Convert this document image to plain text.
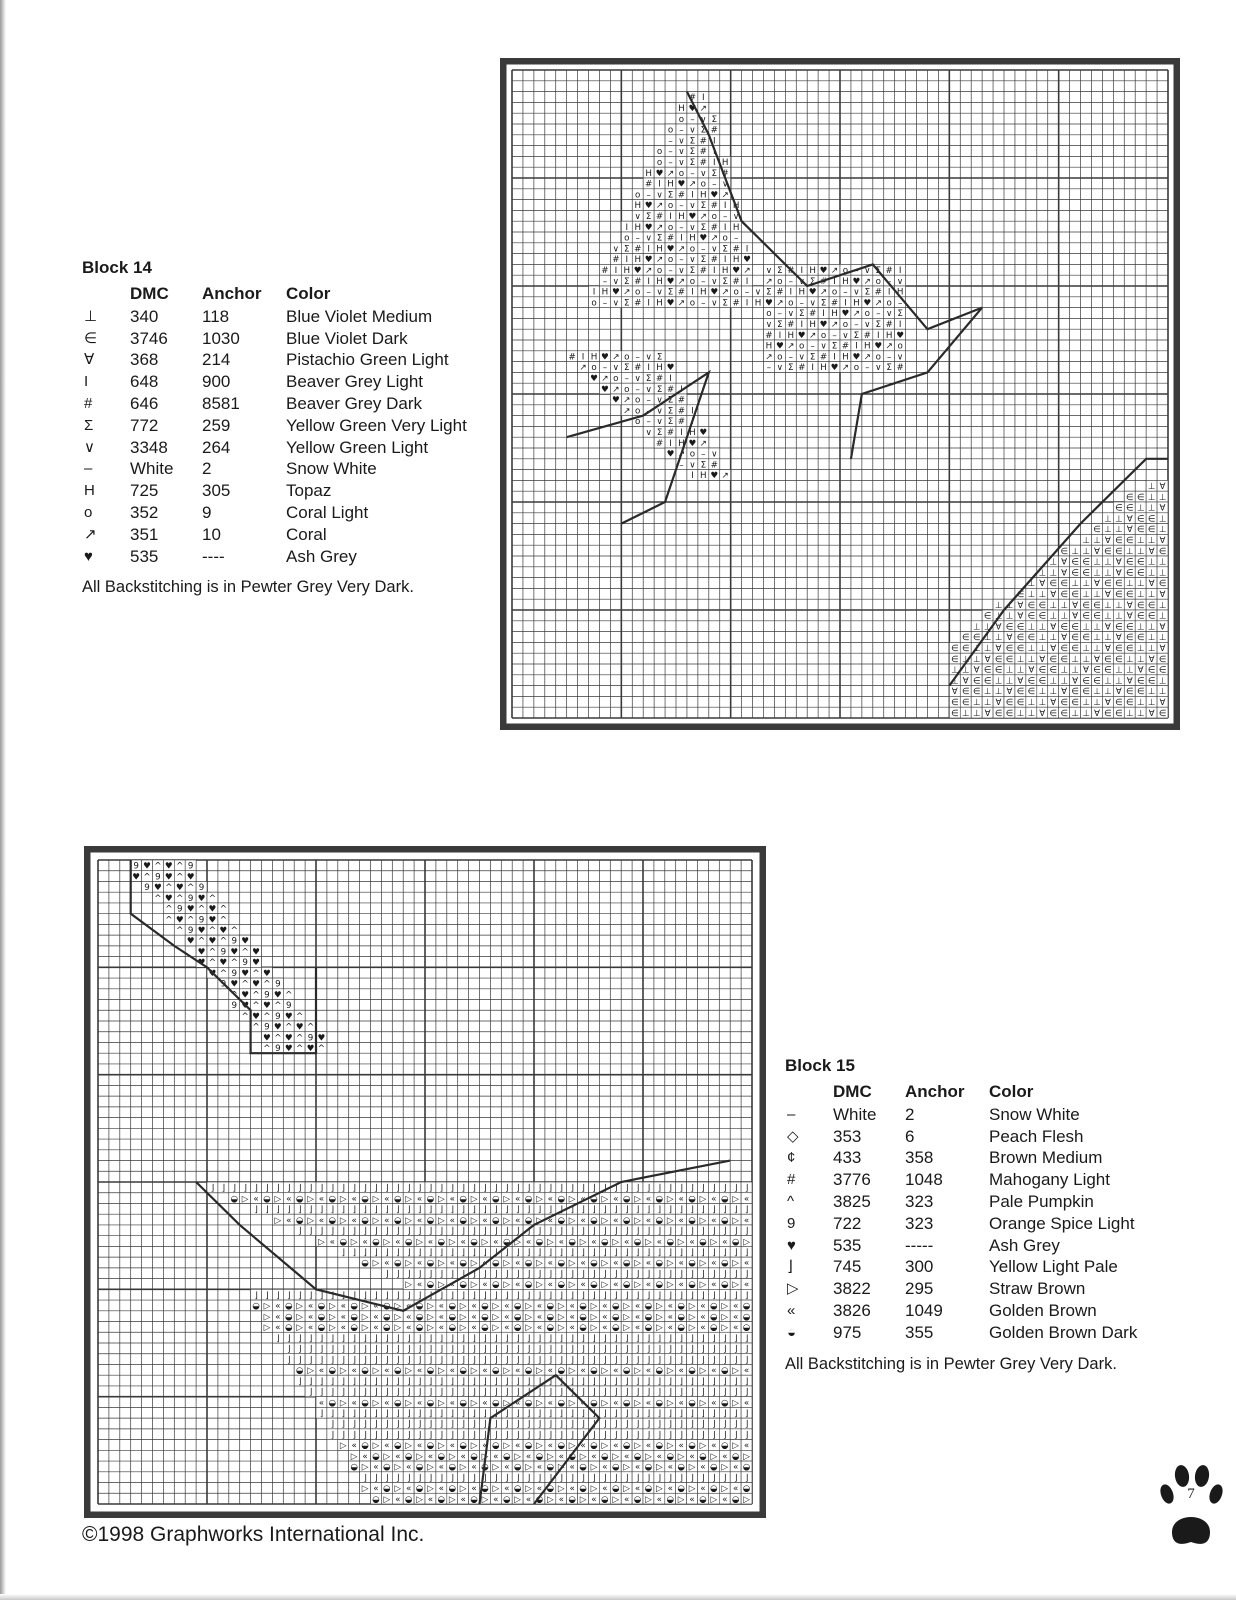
# I
H ♥ ↗
o – ∨ Σ
o – ∨ Σ #
– ∨ Σ # I
o – ∨ Σ # I
o – ∨ Σ # I H
H ♥ ↗ o – ∨ Σ #
# I H ♥ ↗ o – ∨
o – ∨ Σ # I H ♥ ↗
H ♥ ↗ o – ∨ Σ # I H
∨ Σ # I H ♥ ↗ o – ∨
I H ♥ ↗ o – ∨ Σ # I H
o – ∨ Σ # I H ♥ ↗ o –
∨ Σ # I H ♥ ↗ o – ∨ Σ # I
# I H ♥ ↗ o – ∨ Σ # I H ♥
# I H ♥ ↗ o – ∨ Σ # I H ♥ ↗ ∨ Σ # I H ♥ ↗ o – ∨ Σ # I
– ∨ Σ # I H ♥ ↗ o – ∨ Σ # I ↗ o – ∨ Σ # I H ♥ ↗ o – ∨
I H ♥ ↗ o – ∨ Σ # I H ♥ ↗ o – ∨ Σ # I H ♥ ↗ o – ∨ Σ # I H
o – ∨ Σ # I H ♥ ↗ o – ∨ Σ # I H ♥ ↗ o – ∨ Σ # I H ♥ ↗ o –
o – ∨ Σ # I H ♥ ↗ o – ∨ Σ
∨ Σ # I H ♥ ↗ o – ∨ Σ # I
# I H ♥ ↗ o – ∨ Σ # I H ♥
H ♥ ↗ o – ∨ Σ # I H ♥ ↗ o
↗ o – ∨ Σ # I H ♥ ↗ o – ∨
# I H ♥ ↗ o – ∨ Σ
– ∨ Σ # I H ♥ ↗ o – ∨ Σ #
↗ o – ∨ Σ # I H ♥
♥ ↗ o – ∨ Σ # I
♥ ↗ o – ∨ Σ # I
♥ ↗ o – ∨ Σ #
↗ o – ∨ Σ # I
o – ∨ Σ # I
∨ Σ # I H ♥
# I H ♥ ↗
♥ ↗ o – ∨
– ∨ Σ #
I H ♥ ↗
⊥ ∀
∈ ∈ ⊥ ⊥
∈ ∈ ⊥ ⊥ ∀
⊥ ⊥ ∀ ∈ ∈ ⊥
∈ ⊥ ⊥ ∀ ∈ ∈ ⊥
⊥ ⊥ ∀ ∈ ∈ ⊥ ⊥ ∀
∈ ⊥ ⊥ ∀ ∈ ∈ ⊥ ⊥ ∀ ∈
⊥ ∀ ∈ ∈ ⊥ ⊥ ∀ ∈ ∈ ⊥ ⊥
⊥ ⊥ ∀ ∈ ∈ ⊥ ⊥ ∀ ∈ ∈ ⊥ ⊥
⊥ ∀ ∈ ∈ ⊥ ⊥ ∀ ∈ ∈ ⊥ ⊥ ∀ ∈
∈ ⊥ ⊥ ∀ ∈ ∈ ⊥ ⊥ ∀ ∈ ∈ ⊥ ⊥ ∀
⊥ ⊥ ∀ ∈ ∈ ⊥ ⊥ ∀ ∈ ∈ ⊥ ⊥ ∀ ∈ ∈ ⊥
∈ ⊥ ⊥ ∀ ∈ ∈ ⊥ ⊥ ∀ ∈ ∈ ⊥ ⊥ ∀ ∈ ∈ ⊥
⊥ ⊥ ∀ ∈ ∈ ⊥ ⊥ ∀ ∈ ∈ ⊥ ⊥ ∀ ∈ ∈ ⊥ ⊥ ∀
∈ ∈ ⊥ ⊥ ∀ ∈ ∈ ⊥ ⊥ ∀ ∈ ∈ ⊥ ⊥ ∀ ∈ ∈ ⊥ ⊥
∈ ∈ ⊥ ⊥ ∀ ∈ ∈ ⊥ ⊥ ∀ ∈ ∈ ⊥ ⊥ ∀ ∈ ∈ ⊥ ⊥ ∀
∈ ⊥ ⊥ ∀ ∈ ∈ ⊥ ⊥ ∀ ∈ ∈ ⊥ ⊥ ∀ ∈ ∈ ⊥ ⊥ ∀ ∈
⊥ ⊥ ∀ ∈ ∈ ⊥ ⊥ ∀ ∈ ∈ ⊥ ⊥ ∀ ∈ ∈ ⊥ ⊥ ∀ ∈ ∈
⊥ ∀ ∈ ∈ ⊥ ⊥ ∀ ∈ ∈ ⊥ ⊥ ∀ ∈ ∈ ⊥ ⊥ ∀ ∈ ∈ ⊥
∀ ∈ ∈ ⊥ ⊥ ∀ ∈ ∈ ⊥ ⊥ ∀ ∈ ∈ ⊥ ⊥ ∀ ∈ ∈ ⊥ ⊥
∈ ∈ ⊥ ⊥ ∀ ∈ ∈ ⊥ ⊥ ∀ ∈ ∈ ⊥ ⊥ ∀ ∈ ∈ ⊥ ⊥ ∀
∈ ⊥ ⊥ ∀ ∈ ∈ ⊥ ⊥ ∀ ∈ ∈ ⊥ ⊥ ∀ ∈ ∈ ⊥ ⊥ ∀ ∈
Block 14
	DMC	Anchor	Color
⊥	340	118	Blue Violet Medium
∈	3746	1030	Blue Violet Dark
∀	368	214	Pistachio Green Light
I	648	900	Beaver Grey Light
#	646	8581	Beaver Grey Dark
Σ	772	259	Yellow Green Very Light
∨	3348	264	Yellow Green Light
–	White	2	Snow White
H	725	305	Topaz
o	352	9	Coral Light
↗	351	10	Coral
♥	535	----	Ash Grey
All Backstitching is in Pewter Grey Very Dark.
9 ♥ ^ ♥ ^ 9
♥ ^ 9 ♥ ^ ♥
9 ♥ ^ ♥ ^ 9
^ ♥ ^ 9 ♥ ^
^ 9 ♥ ^ ♥ ^
^ ♥ ^ 9 ♥ ^
^ 9 ♥ ^ ♥ ^
♥ ^ ♥ ^ 9 ♥
♥ ^ 9 ♥ ^ ♥
♥ ^ ♥ ^ 9 ♥
♥ ^ 9 ♥ ^ ♥
9 ♥ ^ ♥ ^ 9
^ ♥ ^ 9 ♥ ^
9 ♥ ^ ♥ ^ 9
^ ♥ ^ 9 ♥ ^
^ 9 ♥ ^ ♥ ^
♥ ^ ♥ ^ 9 ♥
^ 9 ♥ ^ ♥ ^
⌋ ⌋ ⌋ ⌋ ⌋ ⌋ ⌋ ⌋ ⌋ ⌋ ⌋ ⌋ ⌋ ⌋ ⌋ ⌋ ⌋ ⌋ ⌋ ⌋ ⌋ ⌋ ⌋ ⌋ ⌋ ⌋ ⌋ ⌋ ⌋ ⌋ ⌋ ⌋ ⌋ ⌋ ⌋ ⌋ ⌋ ⌋ ⌋ ⌋ ⌋ ⌋ ⌋ ⌋ ⌋ ⌋ ⌋ ⌋ ⌋ ⌋
◒ ▷ « ◒ ▷ « ◒ ▷ « ◒ ▷ « ◒ ▷ « ◒ ▷ « ◒ ▷ « ◒ ▷ « ◒ ▷ « ◒ ▷ « ◒ ▷ « ◒ ▷ « ◒ ▷ « ◒ ▷ « ◒ ▷ « ◒ ▷ «
⌋ ⌋ ⌋ ⌋ ⌋ ⌋ ⌋ ⌋ ⌋ ⌋ ⌋ ⌋ ⌋ ⌋ ⌋ ⌋ ⌋ ⌋ ⌋ ⌋ ⌋ ⌋ ⌋ ⌋ ⌋ ⌋ ⌋ ⌋ ⌋ ⌋ ⌋ ⌋ ⌋ ⌋ ⌋ ⌋ ⌋ ⌋ ⌋ ⌋ ⌋ ⌋ ⌋ ⌋ ⌋ ⌋
▷ « ◒ ▷ « ◒ ▷ « ◒ ▷ « ◒ ▷ « ◒ ▷ « ◒ ▷ « ◒ ▷ « ◒ ▷ « ◒ ▷ « ◒ ▷ « ◒ ▷ « ◒ ▷ « ◒ ▷ « ◒ ▷ «
⌋ ⌋ ⌋ ⌋ ⌋ ⌋ ⌋ ⌋ ⌋ ⌋ ⌋ ⌋ ⌋ ⌋ ⌋ ⌋ ⌋ ⌋ ⌋ ⌋ ⌋ ⌋ ⌋ ⌋ ⌋ ⌋ ⌋ ⌋ ⌋ ⌋ ⌋ ⌋ ⌋ ⌋ ⌋ ⌋ ⌋ ⌋ ⌋ ⌋ ⌋ ⌋
▷ « ◒ ▷ « ◒ ▷ « ◒ ▷ « ◒ ▷ « ◒ ▷ « ◒ ▷ « ◒ ▷ « ◒ ▷ « ◒ ▷ « ◒ ▷ « ◒ ▷ « ◒ ▷ « ◒ ▷
⌋ ⌋ ⌋ ⌋ ⌋ ⌋ ⌋ ⌋ ⌋ ⌋ ⌋ ⌋ ⌋ ⌋ ⌋ ⌋ ⌋ ⌋ ⌋ ⌋ ⌋ ⌋ ⌋ ⌋ ⌋ ⌋ ⌋ ⌋ ⌋ ⌋ ⌋ ⌋ ⌋ ⌋ ⌋ ⌋ ⌋ ⌋
◒ ▷ « ◒ ▷ « ◒ ▷ « ◒ ▷ « ◒ ▷ « ◒ ▷ « ◒ ▷ « ◒ ▷ « ◒ ▷ « ◒ ▷ « ◒ ▷ « ◒ ▷ «
⌋ ⌋ ⌋ ⌋ ⌋ ⌋ ⌋ ⌋ ⌋ ⌋ ⌋ ⌋ ⌋ ⌋ ⌋ ⌋ ⌋ ⌋ ⌋ ⌋ ⌋ ⌋ ⌋ ⌋ ⌋ ⌋ ⌋ ⌋ ⌋ ⌋ ⌋ ⌋ ⌋ ⌋
▷ « ◒ ▷ « ◒ ▷ « ◒ ▷ « ◒ ▷ « ◒ ▷ « ◒ ▷ « ◒ ▷ « ◒ ▷ « ◒ ▷ « ◒ ▷ «
⌋ ⌋ ⌋ ⌋ ⌋ ⌋ ⌋ ⌋ ⌋ ⌋ ⌋ ⌋ ⌋ ⌋ ⌋ ⌋ ⌋ ⌋ ⌋ ⌋ ⌋ ⌋ ⌋ ⌋ ⌋ ⌋ ⌋ ⌋ ⌋ ⌋ ⌋ ⌋ ⌋ ⌋ ⌋ ⌋ ⌋ ⌋ ⌋ ⌋ ⌋ ⌋ ⌋ ⌋ ⌋ ⌋
◒ ▷ « ◒ ▷ « ◒ ▷ « ◒ ▷ « ◒ ▷ « ◒ ▷ « ◒ ▷ « ◒ ▷ « ◒ ▷ « ◒ ▷ « ◒ ▷ « ◒ ▷ « ◒ ▷ « ◒ ▷ « ◒ ▷ « ◒
▷ « ◒ ▷ « ◒ ▷ « ◒ ▷ « ◒ ▷ « ◒ ▷ « ◒ ▷ « ◒ ▷ « ◒ ▷ « ◒ ▷ « ◒ ▷ « ◒ ▷ « ◒ ▷ « ◒ ▷ « ◒ ▷ « ◒
▷ « ◒ ▷ « ◒ ▷ « ◒ ▷ « ◒ ▷ « ◒ ▷ « ◒ ▷ « ◒ ▷ « ◒ ▷ « ◒ ▷ « ◒ ▷ « ◒ ▷ « ◒ ▷ « ◒ ▷ « ◒ ▷ « ◒
⌋ ⌋ ⌋ ⌋ ⌋ ⌋ ⌋ ⌋ ⌋ ⌋ ⌋ ⌋ ⌋ ⌋ ⌋ ⌋ ⌋ ⌋ ⌋ ⌋ ⌋ ⌋ ⌋ ⌋ ⌋ ⌋ ⌋ ⌋ ⌋ ⌋ ⌋ ⌋ ⌋ ⌋ ⌋ ⌋ ⌋ ⌋ ⌋ ⌋ ⌋ ⌋ ⌋ ⌋
⌋ ⌋ ⌋ ⌋ ⌋ ⌋ ⌋ ⌋ ⌋ ⌋ ⌋ ⌋ ⌋ ⌋ ⌋ ⌋ ⌋ ⌋ ⌋ ⌋ ⌋ ⌋ ⌋ ⌋ ⌋ ⌋ ⌋ ⌋ ⌋ ⌋ ⌋ ⌋ ⌋ ⌋ ⌋ ⌋ ⌋ ⌋ ⌋ ⌋ ⌋ ⌋ ⌋
⌋ ⌋ ⌋ ⌋ ⌋ ⌋ ⌋ ⌋ ⌋ ⌋ ⌋ ⌋ ⌋ ⌋ ⌋ ⌋ ⌋ ⌋ ⌋ ⌋ ⌋ ⌋ ⌋ ⌋ ⌋ ⌋ ⌋ ⌋ ⌋ ⌋ ⌋ ⌋ ⌋ ⌋ ⌋ ⌋ ⌋ ⌋ ⌋ ⌋ ⌋ ⌋ ⌋
◒ ▷ « ◒ ▷ « ◒ ▷ « ◒ ▷ « ◒ ▷ « ◒ ▷ « ◒ ▷ « ◒ ▷ « ◒ ▷ « ◒ ▷ « ◒ ▷ « ◒ ▷ « ◒ ▷ « ◒ ▷ «
⌋ ⌋ ⌋ ⌋ ⌋ ⌋ ⌋ ⌋ ⌋ ⌋ ⌋ ⌋ ⌋ ⌋ ⌋ ⌋ ⌋ ⌋ ⌋ ⌋ ⌋ ⌋ ⌋ ⌋ ⌋ ⌋ ⌋ ⌋ ⌋ ⌋ ⌋ ⌋ ⌋ ⌋ ⌋ ⌋ ⌋ ⌋ ⌋ ⌋ ⌋ ⌋
⌋ ⌋ ⌋ ⌋ ⌋ ⌋ ⌋ ⌋ ⌋ ⌋ ⌋ ⌋ ⌋ ⌋ ⌋ ⌋ ⌋ ⌋ ⌋ ⌋ ⌋ ⌋ ⌋ ⌋ ⌋ ⌋ ⌋ ⌋ ⌋ ⌋ ⌋ ⌋ ⌋ ⌋ ⌋ ⌋ ⌋ ⌋ ⌋ ⌋ ⌋
« ◒ ▷ « ◒ ▷ « ◒ ▷ « ◒ ▷ « ◒ ▷ « ◒ ▷ « ◒ ▷ « ◒ ▷ « ◒ ▷ « ◒ ▷ « ◒ ▷ « ◒ ▷ « ◒ ▷ «
⌋ ⌋ ⌋ ⌋ ⌋ ⌋ ⌋ ⌋ ⌋ ⌋ ⌋ ⌋ ⌋ ⌋ ⌋ ⌋ ⌋ ⌋ ⌋ ⌋ ⌋ ⌋ ⌋ ⌋ ⌋ ⌋ ⌋ ⌋ ⌋ ⌋ ⌋ ⌋ ⌋ ⌋ ⌋ ⌋ ⌋ ⌋ ⌋ ⌋
⌋ ⌋ ⌋ ⌋ ⌋ ⌋ ⌋ ⌋ ⌋ ⌋ ⌋ ⌋ ⌋ ⌋ ⌋ ⌋ ⌋ ⌋ ⌋ ⌋ ⌋ ⌋ ⌋ ⌋ ⌋ ⌋ ⌋ ⌋ ⌋ ⌋ ⌋ ⌋ ⌋ ⌋ ⌋ ⌋ ⌋ ⌋ ⌋
⌋ ⌋ ⌋ ⌋ ⌋ ⌋ ⌋ ⌋ ⌋ ⌋ ⌋ ⌋ ⌋ ⌋ ⌋ ⌋ ⌋ ⌋ ⌋ ⌋ ⌋ ⌋ ⌋ ⌋ ⌋ ⌋ ⌋ ⌋ ⌋ ⌋ ⌋ ⌋ ⌋ ⌋ ⌋ ⌋ ⌋ ⌋ ⌋
▷ « ◒ ▷ « ◒ ▷ « ◒ ▷ « ◒ ▷ « ◒ ▷ « ◒ ▷ « ◒ ▷ « ◒ ▷ « ◒ ▷ « ◒ ▷ « ◒ ▷ « ◒ ▷ «
▷ « ◒ ▷ « ◒ ▷ « ◒ ▷ « ◒ ▷ « ◒ ▷ « ◒ ▷ « ◒ ▷ « ◒ ▷ « ◒ ▷ « ◒ ▷ « ◒ ▷ « ◒ ▷
◒ ▷ « ◒ ▷ « ◒ ▷ « ◒ ▷ « ◒ ▷ « ◒ ▷ « ◒ ▷ « ◒ ▷ « ◒ ▷ « ◒ ▷ « ◒ ▷ « ◒ ▷ « ◒
⌋ ⌋ ⌋ ⌋ ⌋ ⌋ ⌋ ⌋ ⌋ ⌋ ⌋ ⌋ ⌋ ⌋ ⌋ ⌋ ⌋ ⌋ ⌋ ⌋ ⌋ ⌋ ⌋ ⌋ ⌋ ⌋ ⌋ ⌋ ⌋ ⌋ ⌋ ⌋ ⌋ ⌋ ⌋ ⌋
▷ « ◒ ▷ « ◒ ▷ « ◒ ▷ « ◒ ▷ « ◒ ▷ « ◒ ▷ « ◒ ▷ « ◒ ▷ « ◒ ▷ « ◒ ▷ « ◒ ▷ « ◒
◒ ▷ « ◒ ▷ « ◒ ▷ « ◒ ▷ « ◒ ▷ « ◒ ▷ « ◒ ▷ « ◒ ▷ « ◒ ▷ « ◒ ▷ « ◒ ▷ « ◒ ▷
Block 15
	DMC	Anchor	Color
–	White	2	Snow White
◇	353	6	Peach Flesh
¢	433	358	Brown Medium
#	3776	1048	Mahogany Light
^	3825	323	Pale Pumpkin
9	722	323	Orange Spice Light
♥	535	-----	Ash Grey
⌋	745	300	Yellow Light Pale
▷	3822	295	Straw Brown
«	3826	1049	Golden Brown
◒	975	355	Golden Brown Dark
All Backstitching is in Pewter Grey Very Dark.
©1998 Graphworks International Inc.
7
